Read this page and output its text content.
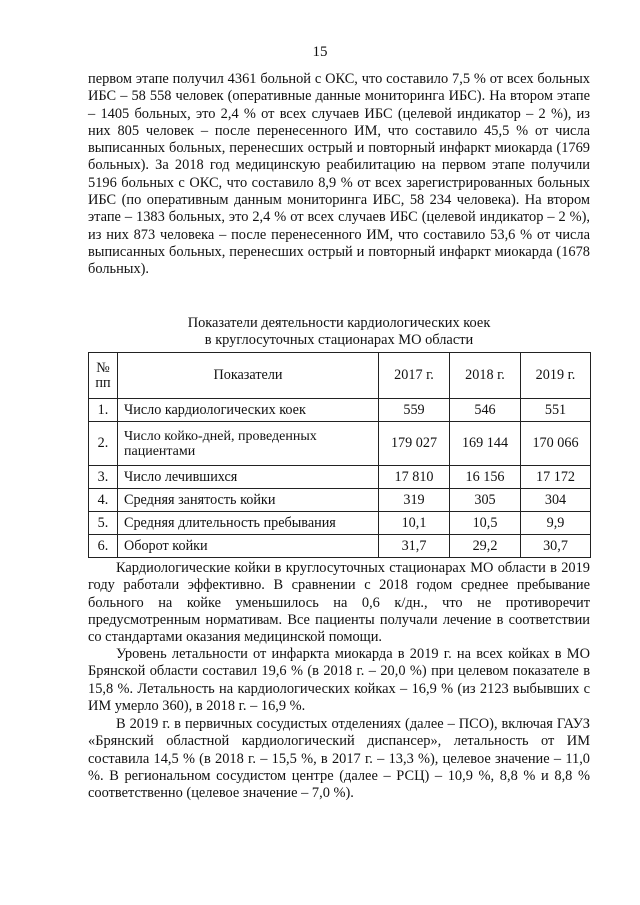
15

первом этапе получил 4361 больной с ОКС, что составило 7,5 % от всех больных ИБС – 58 558 человек (оперативные данные мониторинга ИБС). На втором этапе – 1405 больных, это 2,4 % от всех случаев ИБС (целевой индикатор – 2 %), из них 805 человек – после перенесенного ИМ, что составило 45,5 % от числа выписанных больных, перенесших острый и повторный инфаркт миокарда (1769 больных). За 2018 год медицинскую реабилитацию на первом этапе получили 5196 больных с ОКС, что составило 8,9 % от всех зарегистрированных больных ИБС (по оперативным данным мониторинга ИБС, 58 234 человека). На втором этапе – 1383 больных, это 2,4 % от всех случаев ИБС (целевой индикатор – 2 %), из них 873 человека – после перенесенного ИМ, что составило 53,6 % от числа выписанных больных, перенесших острый и повторный инфаркт миокарда (1678 больных).

Показатели деятельности кардиологических коек
в круглосуточных стационарах МО области
№
пп	Показатели	2017 г.	2018 г.	2019 г.
1.	Число кардиологических коек	559	546	551
2.	Число койко-дней, проведенных пациентами	179 027	169 144	170 066
3.	Число лечившихся	17 810	16 156	17 172
4.	Средняя занятость койки	319	305	304
5.	Средняя длительность пребывания	10,1	10,5	9,9
6.	Оборот койки	31,7	29,2	30,7

Кардиологические койки в круглосуточных стационарах МО области в 2019 году работали эффективно. В сравнении с 2018 годом среднее пребывание больного на койке уменьшилось на 0,6 к/дн., что не противоречит предусмотренным нормативам. Все пациенты получали лечение в соответствии со стандартами оказания медицинской помощи.

Уровень летальности от инфаркта миокарда в 2019 г. на всех койках в МО Брянской области составил 19,6 % (в 2018 г. – 20,0 %) при целевом показателе в 15,8 %. Летальность на кардиологических койках – 16,9 % (из 2123 выбывших с ИМ умерло 360), в 2018 г. – 16,9 %.

В 2019 г. в первичных сосудистых отделениях (далее – ПСО), включая ГАУЗ «Брянский областной кардиологический диспансер», летальность от ИМ составила 14,5 % (в 2018 г. – 15,5 %, в 2017 г. – 13,3 %), целевое значение – 11,0 %. В региональном сосудистом центре (далее – РСЦ) – 10,9 %, 8,8 % и 8,8 % соответственно (целевое значение – 7,0 %).
